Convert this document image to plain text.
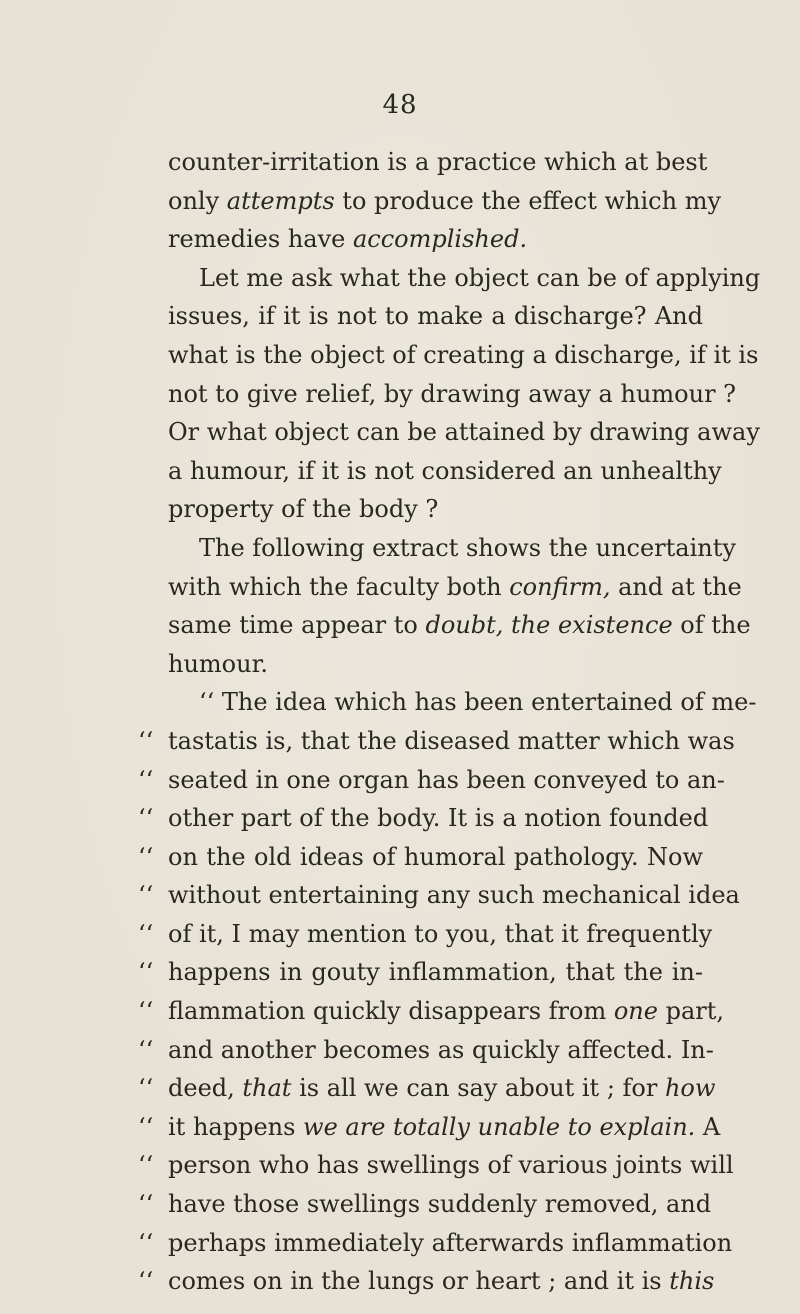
48
counter-irritation is a practice which at best
only attempts to produce the effect which my
remedies have accomplished.
Let me ask what the object can be of applying
issues, if it is not to make a discharge? And
what is the object of creating a discharge, if it is
not to give relief, by drawing away a humour ?
Or what object can be attained by drawing away
a humour, if it is not considered an unhealthy
property of the body ?
The following extract shows the uncertainty
with which the faculty both confirm, and at the
same time appear to doubt, the existence of the
humour.
‘‘ The idea which has been entertained of me-
‘‘ tastatis is, that the diseased matter which was
‘‘ seated in one organ has been conveyed to an-
‘‘ other part of the body. It is a notion founded
‘‘ on the old ideas of humoral pathology. Now
‘‘ without entertaining any such mechanical idea
‘‘ of it, I may mention to you, that it frequently
‘‘ happens in gouty inflammation, that the in-
‘‘ flammation quickly disappears from one part,
‘‘ and another becomes as quickly affected. In-
‘‘ deed, that is all we can say about it ; for how
‘‘ it happens we are totally unable to explain. A
‘‘ person who has swellings of various joints will
‘‘ have those swellings suddenly removed, and
‘‘ perhaps immediately afterwards inflammation
‘‘ comes on in the lungs or heart ; and it is this
